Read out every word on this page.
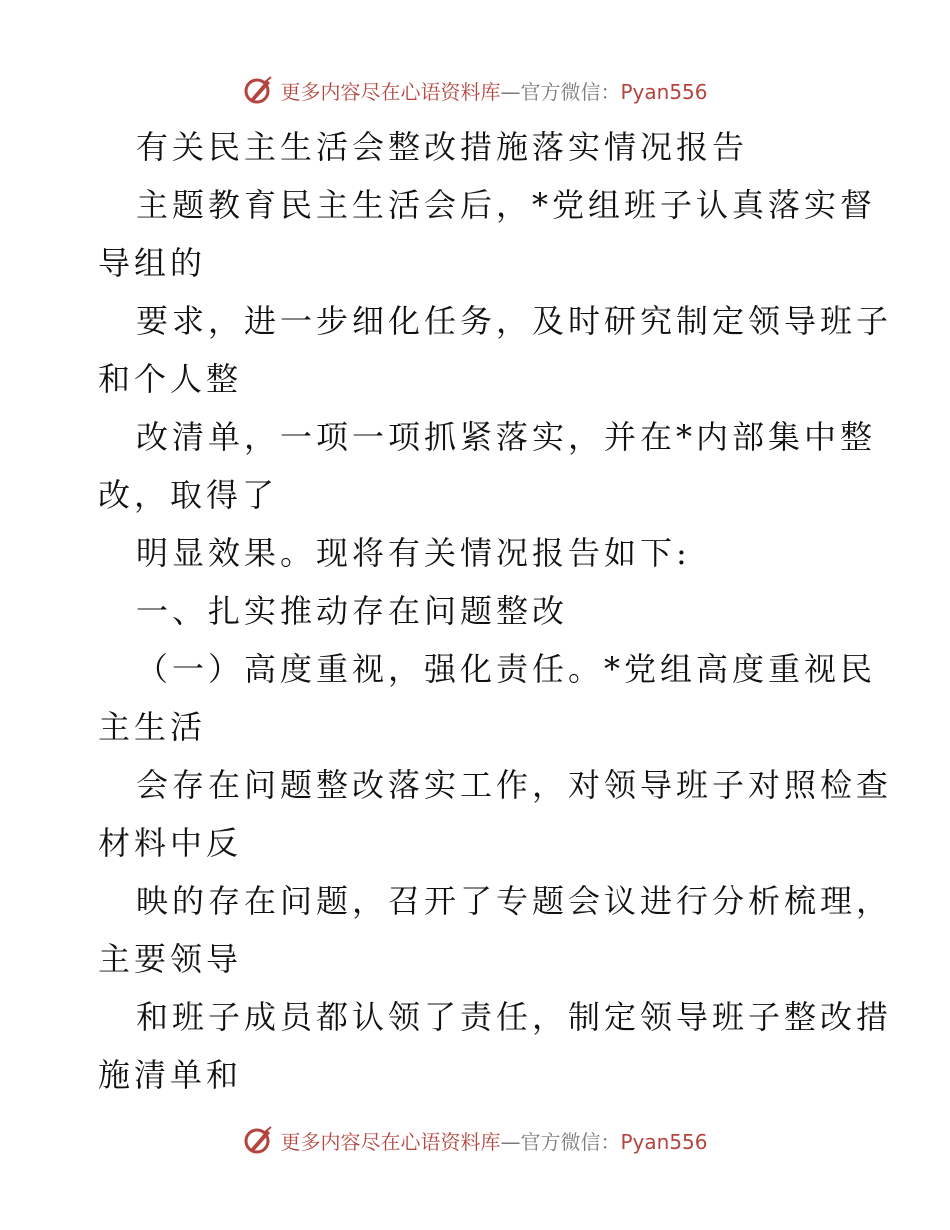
更多内容尽在心语资料库—官方微信：Pyan556
有关民主生活会整改措施落实情况报告
主题教育民主生活会后，*党组班子认真落实督
导组的
要求，进一步细化任务，及时研究制定领导班子
和个人整
改清单，一项一项抓紧落实，并在*内部集中整
改，取得了
明显效果。现将有关情况报告如下:
一、扎实推动存在问题整改
（一）高度重视，强化责任。*党组高度重视民
主生活
会存在问题整改落实工作，对领导班子对照检查
材料中反
映的存在问题，召开了专题会议进行分析梳理，
主要领导
和班子成员都认领了责任，制定领导班子整改措
施清单和
更多内容尽在心语资料库—官方微信：Pyan556
